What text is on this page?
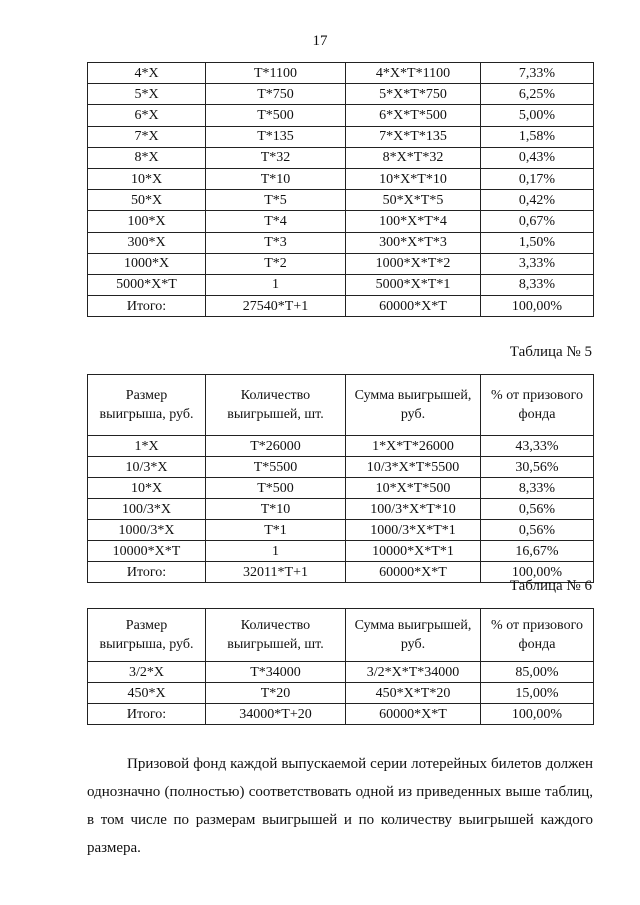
17
4*X	T*1100	4*X*T*1100	7,33%
5*X	T*750	5*X*T*750	6,25%
6*X	T*500	6*X*T*500	5,00%
7*X	T*135	7*X*T*135	1,58%
8*X	T*32	8*X*T*32	0,43%
10*X	T*10	10*X*T*10	0,17%
50*X	T*5	50*X*T*5	0,42%
100*X	T*4	100*X*T*4	0,67%
300*X	T*3	300*X*T*3	1,50%
1000*X	T*2	1000*X*T*2	3,33%
5000*X*T	1	5000*X*T*1	8,33%
Итого:	27540*T+1	60000*X*T	100,00%
Таблица № 5
Размер выигрыша, руб.	Количество выигрышей, шт.	Сумма выигрышей, руб.	% от призового фонда
1*X	T*26000	1*X*T*26000	43,33%
10/3*X	T*5500	10/3*X*T*5500	30,56%
10*X	T*500	10*X*T*500	8,33%
100/3*X	T*10	100/3*X*T*10	0,56%
1000/3*X	T*1	1000/3*X*T*1	0,56%
10000*X*T	1	10000*X*T*1	16,67%
Итого:	32011*T+1	60000*X*T	100,00%
Таблица № 6
Размер выигрыша, руб.	Количество выигрышей, шт.	Сумма выигрышей, руб.	% от призового фонда
3/2*X	T*34000	3/2*X*T*34000	85,00%
450*X	T*20	450*X*T*20	15,00%
Итого:	34000*T+20	60000*X*T	100,00%

Призовой фонд каждой выпускаемой серии лотерейных билетов должен однозначно (полностью) соответствовать одной из приведенных выше таблиц, в том числе по размерам выигрышей и по количеству выигрышей каждого размера.
